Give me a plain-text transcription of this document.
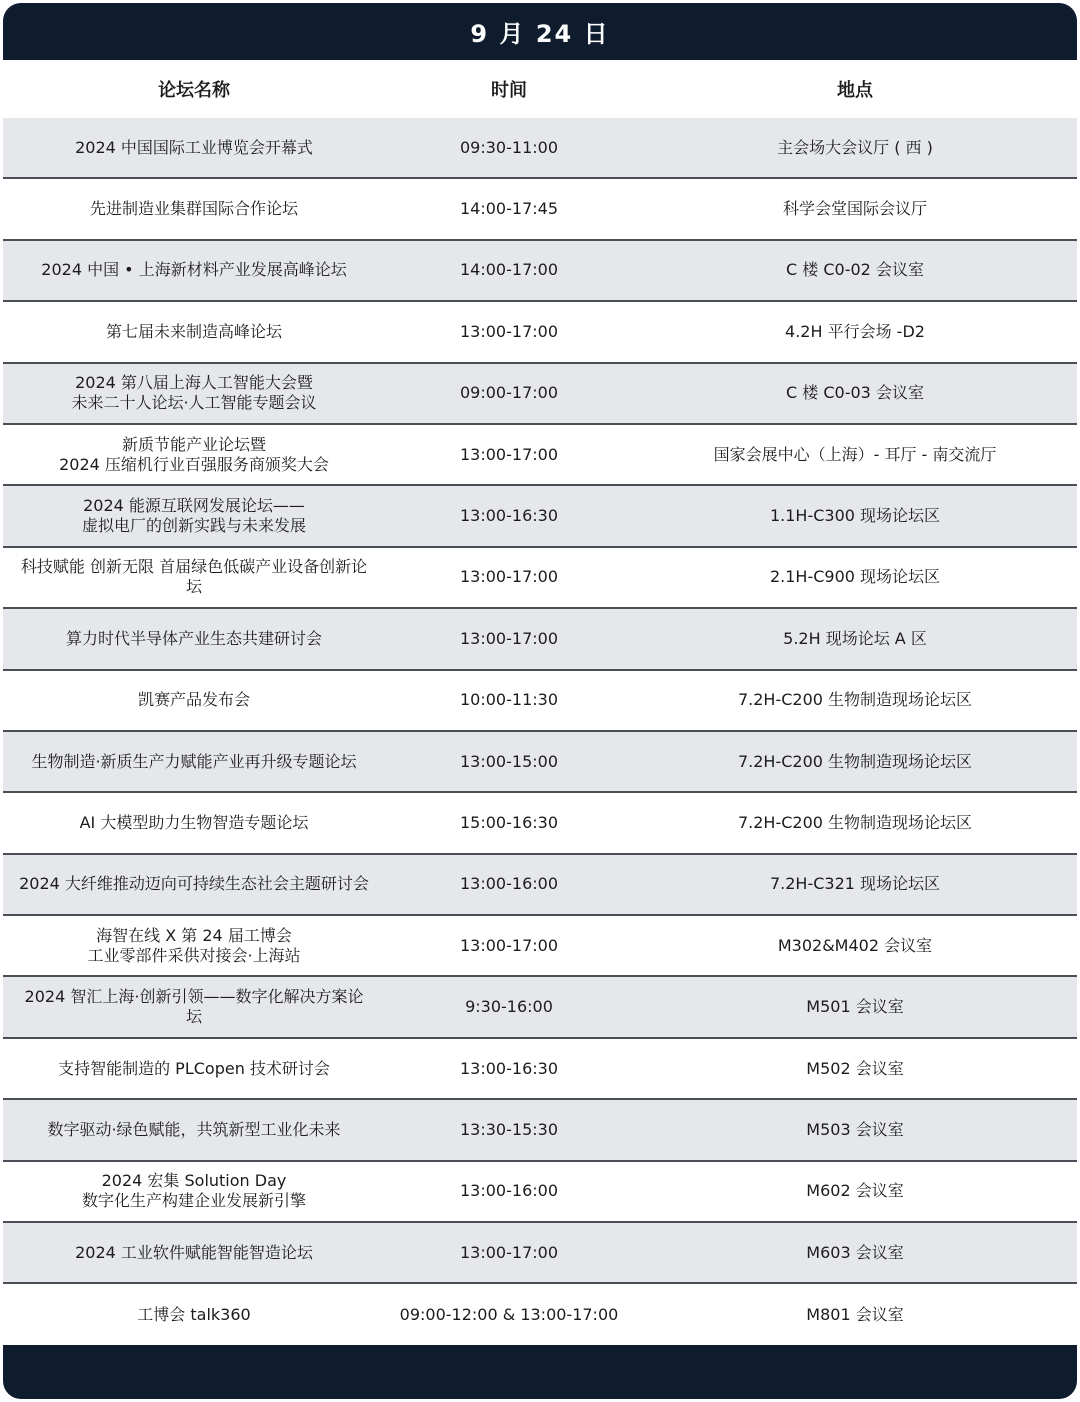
9 月 24 日
论坛名称	时间	地点
2024 中国国际工业博览会开幕式	09:30-11:00	主会场大会议厅 ( 西 )
先进制造业集群国际合作论坛	14:00-17:45	科学会堂国际会议厅
2024 中国 • 上海新材料产业发展高峰论坛	14:00-17:00	C 楼 C0-02 会议室
第七届未来制造高峰论坛	13:00-17:00	4.2H 平行会场 -D2
2024 第八届上海人工智能大会暨
未来二十人论坛·人工智能专题会议
09:00-17:00	C 楼 C0-03 会议室
新质节能产业论坛暨
2024 压缩机行业百强服务商颁奖大会
13:00-17:00	国家会展中心（上海）- 耳厅 - 南交流厅
2024 能源互联网发展论坛——
虚拟电厂的创新实践与未来发展
13:00-16:30	1.1H-C300 现场论坛区
科技赋能 创新无限 首届绿色低碳产业设备创新论
坛
13:00-17:00	2.1H-C900 现场论坛区
算力时代半导体产业生态共建研讨会	13:00-17:00	5.2H 现场论坛 A 区
凯赛产品发布会	10:00-11:30	7.2H-C200 生物制造现场论坛区
生物制造·新质生产力赋能产业再升级专题论坛	13:00-15:00	7.2H-C200 生物制造现场论坛区
AI 大模型助力生物智造专题论坛	15:00-16:30	7.2H-C200 生物制造现场论坛区
2024 大纤维推动迈向可持续生态社会主题研讨会	13:00-16:00	7.2H-C321 现场论坛区
海智在线 X 第 24 届工博会
工业零部件采供对接会·上海站
13:00-17:00	M302&M402 会议室
2024 智汇上海·创新引领——数字化解决方案论
坛
9:30-16:00	M501 会议室
支持智能制造的 PLCopen 技术研讨会	13:00-16:30	M502 会议室
数字驱动·绿色赋能，共筑新型工业化未来	13:30-15:30	M503 会议室
2024 宏集 Solution Day
数字化生产构建企业发展新引擎
13:00-16:00	M602 会议室
2024 工业软件赋能智能智造论坛	13:00-17:00	M603 会议室
工博会 talk360	09:00-12:00 & 13:00-17:00	M801 会议室
